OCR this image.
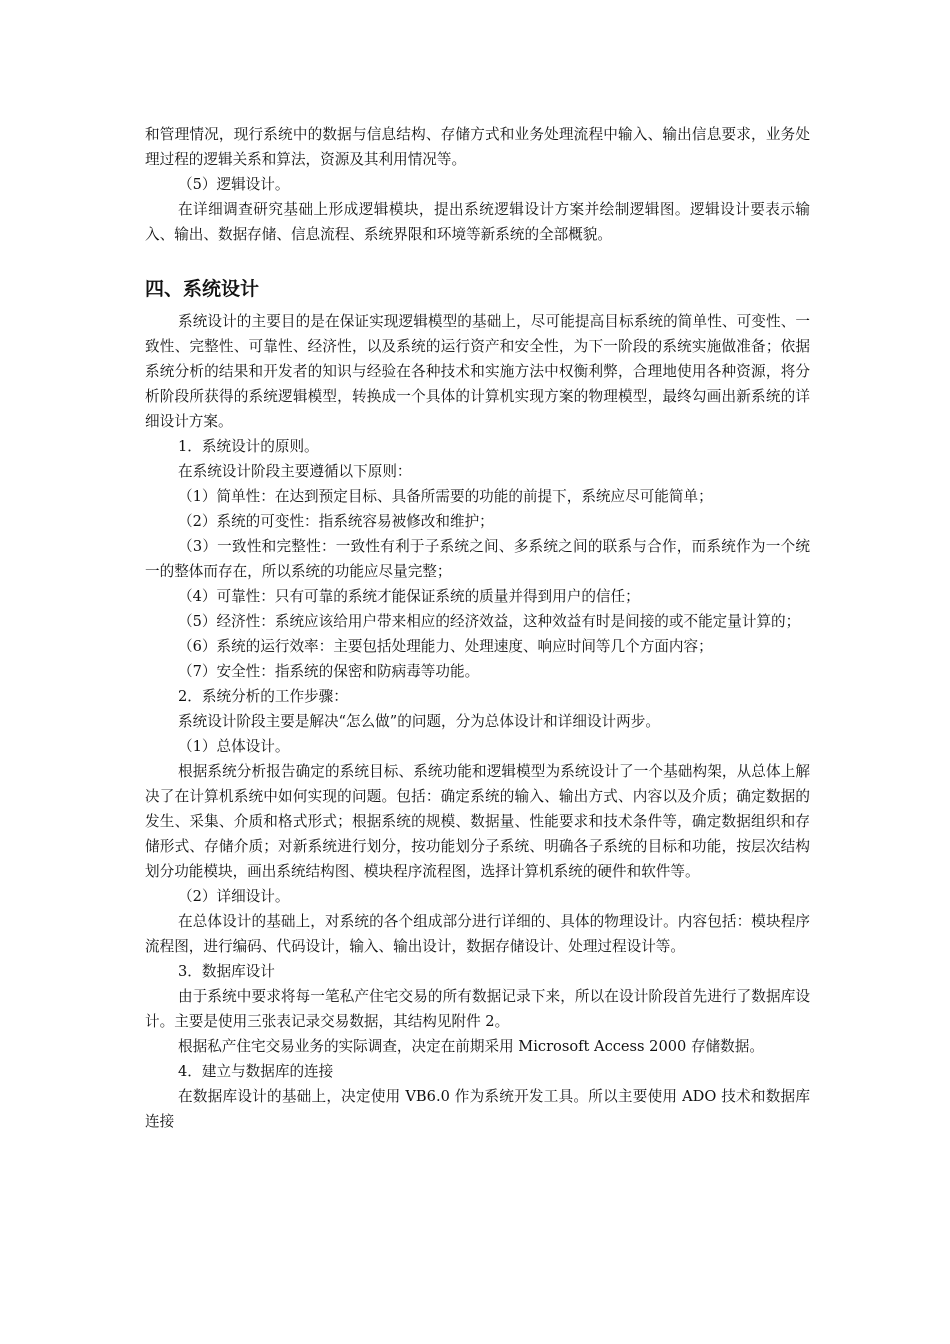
和管理情况，现行系统中的数据与信息结构、存储方式和业务处理流程中输入、输出信息要求，业务处理过程的逻辑关系和算法，资源及其利用情况等。

（5）逻辑设计。

在详细调查研究基础上形成逻辑模块，提出系统逻辑设计方案并绘制逻辑图。逻辑设计要表示输入、输出、数据存储、信息流程、系统界限和环境等新系统的全部概貌。

四、系统设计

系统设计的主要目的是在保证实现逻辑模型的基础上，尽可能提高目标系统的简单性、可变性、一致性、完整性、可靠性、经济性，以及系统的运行资产和安全性，为下一阶段的系统实施做准备；依据系统分析的结果和开发者的知识与经验在各种技术和实施方法中权衡利弊，合理地使用各种资源，将分析阶段所获得的系统逻辑模型，转换成一个具体的计算机实现方案的物理模型，最终勾画出新系统的详细设计方案。

1．系统设计的原则。

在系统设计阶段主要遵循以下原则：

（1）简单性：在达到预定目标、具备所需要的功能的前提下，系统应尽可能简单；

（2）系统的可变性：指系统容易被修改和维护；

（3）一致性和完整性：一致性有利于子系统之间、多系统之间的联系与合作，而系统作为一个统一的整体而存在，所以系统的功能应尽量完整；

（4）可靠性：只有可靠的系统才能保证系统的质量并得到用户的信任；

（5）经济性：系统应该给用户带来相应的经济效益，这种效益有时是间接的或不能定量计算的；

（6）系统的运行效率：主要包括处理能力、处理速度、响应时间等几个方面内容；

（7）安全性：指系统的保密和防病毒等功能。

2．系统分析的工作步骤：

系统设计阶段主要是解决“怎么做”的问题，分为总体设计和详细设计两步。

（1）总体设计。

根据系统分析报告确定的系统目标、系统功能和逻辑模型为系统设计了一个基础构架，从总体上解决了在计算机系统中如何实现的问题。包括：确定系统的输入、输出方式、内容以及介质；确定数据的发生、采集、介质和格式形式；根据系统的规模、数据量、性能要求和技术条件等，确定数据组织和存储形式、存储介质；对新系统进行划分，按功能划分子系统、明确各子系统的目标和功能，按层次结构划分功能模块，画出系统结构图、模块程序流程图，选择计算机系统的硬件和软件等。

（2）详细设计。

在总体设计的基础上，对系统的各个组成部分进行详细的、具体的物理设计。内容包括：模块程序流程图，进行编码、代码设计，输入、输出设计，数据存储设计、处理过程设计等。

3．数据库设计

由于系统中要求将每一笔私产住宅交易的所有数据记录下来，所以在设计阶段首先进行了数据库设计。主要是使用三张表记录交易数据，其结构见附件 2。

根据私产住宅交易业务的实际调查，决定在前期采用 Microsoft Access 2000 存储数据。

4．建立与数据库的连接

在数据库设计的基础上，决定使用 VB6.0 作为系统开发工具。所以主要使用 ADO 技术和数据库连接
